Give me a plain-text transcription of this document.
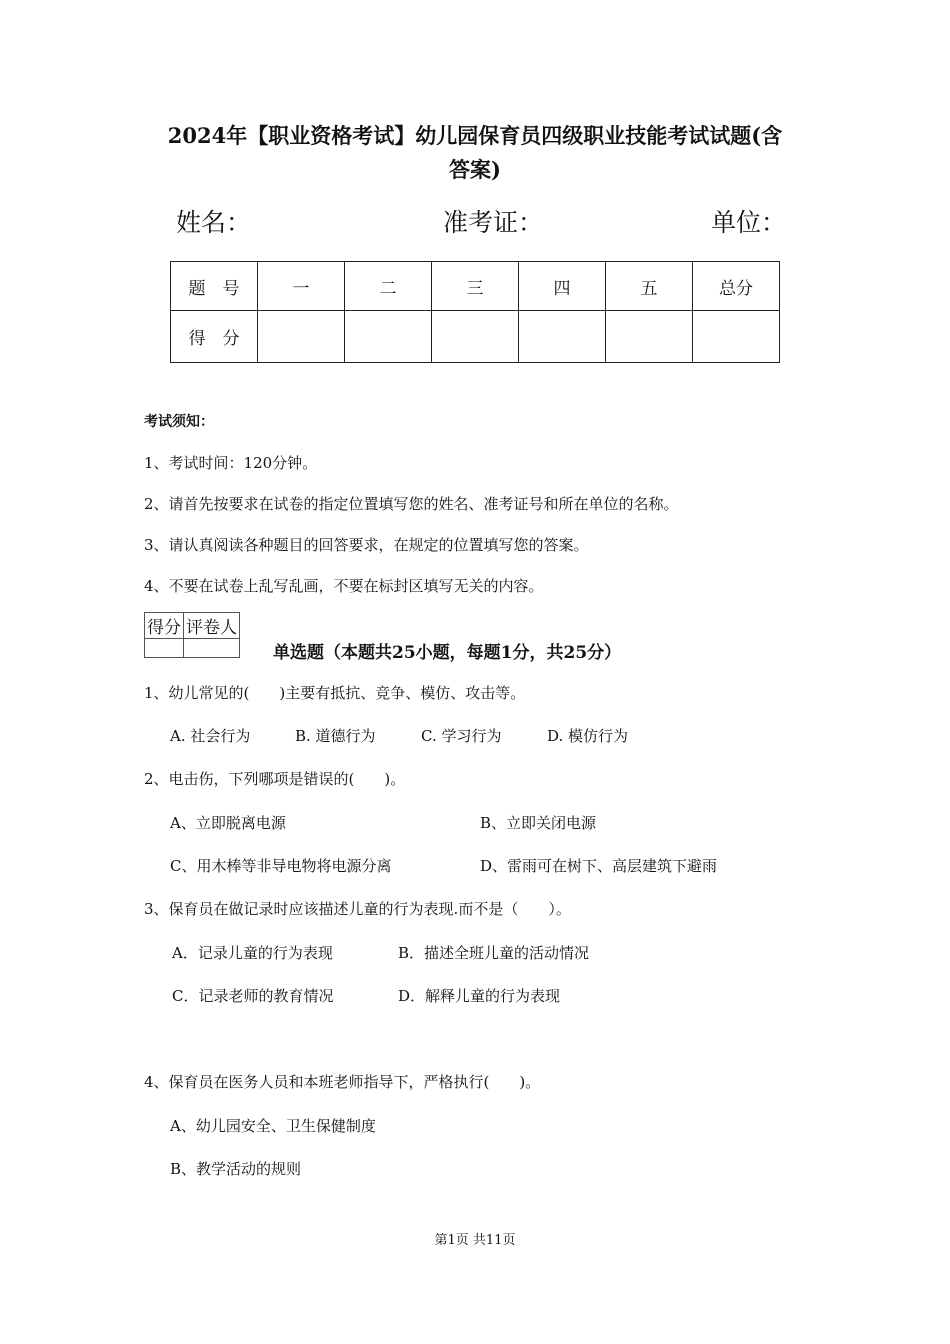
2024年【职业资格考试】幼儿园保育员四级职业技能考试试题(含
答案)
姓名：	准考证：	单位：
题　号	一	二	三	四	五	总分
得　分						
考试须知：
1、考试时间：120分钟。
2、请首先按要求在试卷的指定位置填写您的姓名、准考证号和所在单位的名称。
3、请认真阅读各种题目的回答要求，在规定的位置填写您的答案。
4、不要在试卷上乱写乱画，不要在标封区填写无关的内容。
得分	评卷人

单选题（本题共25小题，每题1分，共25分）
1、幼儿常见的(　　)主要有抵抗、竞争、模仿、攻击等。
A. 社会行为	B. 道德行为	C. 学习行为	D. 模仿行为
2、电击伤，下列哪项是错误的(　　)。
A、立即脱离电源	B、立即关闭电源
C、用木棒等非导电物将电源分离	D、雷雨可在树下、高层建筑下避雨
3、保育员在做记录时应该描述儿童的行为表现.而不是（　　）。
A．记录儿童的行为表现	B．描述全班儿童的活动情况
C．记录老师的教育情况	D．解释儿童的行为表现
4、保育员在医务人员和本班老师指导下，严格执行(　　)。
A、幼儿园安全、卫生保健制度
B、教学活动的规则
第1页 共11页
